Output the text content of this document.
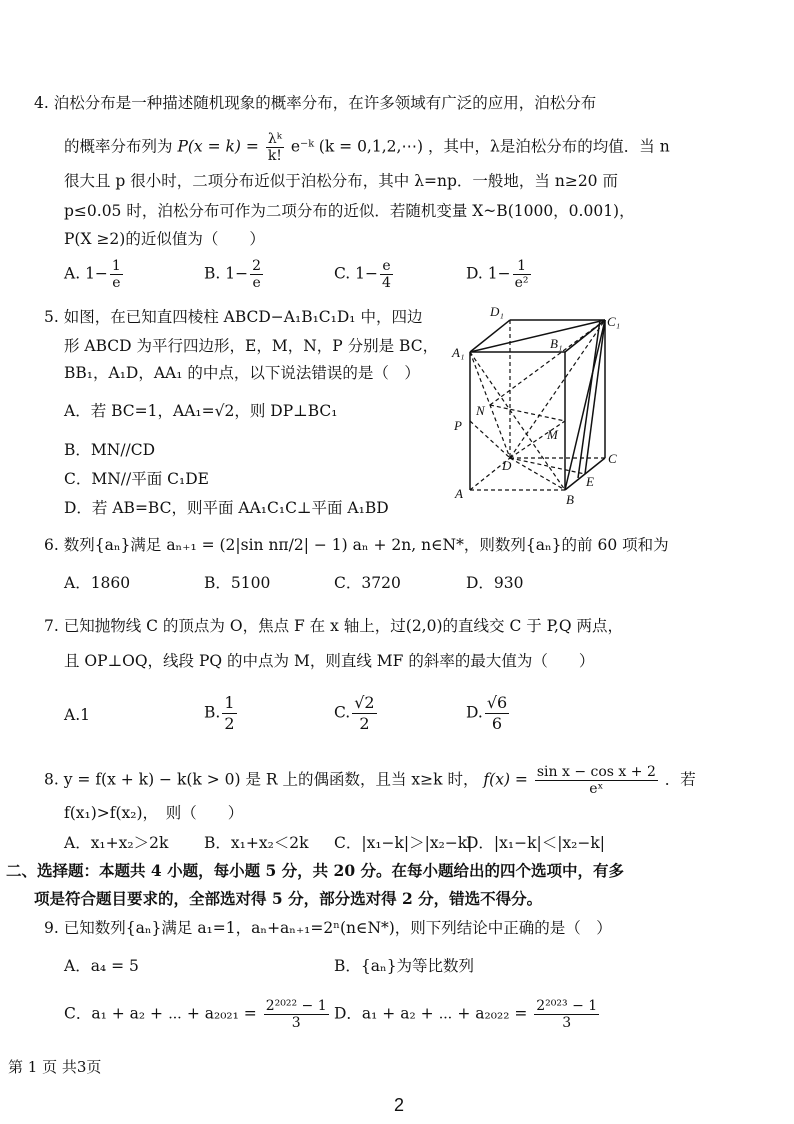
4. 泊松分布是一种描述随机现象的概率分布，在许多领域有广泛的应用，泊松分布
的概率分布列为 $P(x = k) = \frac{\text{λᵏ}}{k!}$ e⁻ᵏ (k = 0,1,2,⋯) ，其中，λ是泊松分布的均值．当 n
很大且 p 很小时，二项分布近似于泊松分布，其中 λ=np．一般地，当 n≥20 而
p≤0.05 时，泊松分布可作为二项分布的近似．若随机变量 X~B(1000，0.001)，
P(X ≥2)的近似值为（　　）
A. $1- \frac{1}{e}$	B. $1- \frac{2}{e}$	C. $1- \frac{e}{4}$	D. $1- \frac{1}{\text{e²}}$
5. 如图，在已知直四棱柱 ABCD−A₁B₁C₁D₁ 中，四边
形 ABCD 为平行四边形，E，M，N，P 分别是 BC，
BB₁，A₁D，AA₁ 的中点，以下说法错误的是（　）
A．若 BC=1，AA₁=√2，则 DP⊥BC₁
B．MN//CD
C．MN//平面 C₁DE
D．若 AB=BC，则平面 AA₁C₁C⊥平面 A₁BD
D₁
C₁
A₁
B₁
N
P
M
D	C
E
A	B
6. 数列{aₙ}满足 aₙ₊₁ = (2|sin nπ/2| − 1) aₙ + 2n, n∈N*，则数列{aₙ}的前 60 项和为
A．1860	B．5100	C．3720	D．930
7. 已知抛物线 C 的顶点为 O，焦点 F 在 x 轴上，过(2,0)的直线交 C 于 P,Q 两点，
且 OP⊥OQ，线段 PQ 的中点为 M，则直线 MF 的斜率的最大值为（　　）
A.1	B. $\frac{1}{2}$	C. $\frac{√2}{2}$	D. $\frac{√6}{6}$
8. y = f(x + k) − k(k > 0) 是 R 上的偶函数，且当 x≥k 时， $f(x) = \frac{\text{sin x − cos x + 2}}{\text{eˣ}}$ ．若
f(x₁)>f(x₂)，　则（　　）
A．x₁+x₂＞2k B．x₁+x₂＜2k C．|x₁−k|＞|x₂−k|
D．|x₁−k|＜|x₂−k|
二、选择题：本题共 4 小题，每小题 5 分，共 20 分。在每小题给出的四个选项中，有多
项是符合题目要求的，全部选对得 5 分，部分选对得 2 分，错选不得分。
9. 已知数列{aₙ}满足 a₁=1，aₙ+aₙ₊₁=2ⁿ(n∈N*)，则下列结论中正确的是（　）
A．a₄ = 5	B．{aₙ}为等比数列
C．a₁ + a₂ + ⋯ + $a_{2021} = \frac{\text{2²⁰²² − 1}}{3}$ D．a₁ + a₂ + ⋯ + $a_{2022} = \frac{\text{2²⁰²³ − 1}}{3}$
第 1 页 共3页
2
